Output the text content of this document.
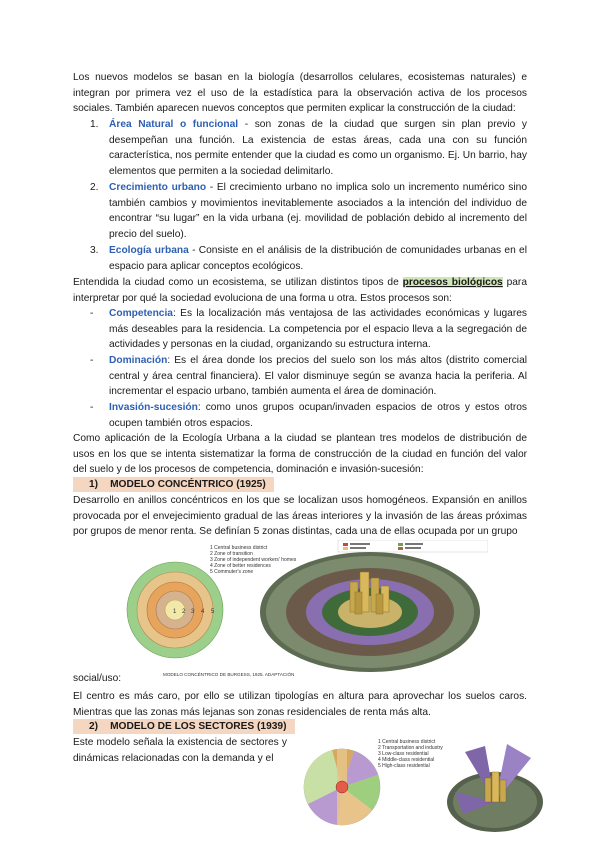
Los nuevos modelos se basan en la biología (desarrollos celulares, ecosistemas naturales) e integran por primera vez el uso de la estadística para la observación activa de los procesos sociales. También aparecen nuevos conceptos que permiten explicar la construcción de la ciudad:
1. Área Natural o funcional - son zonas de la ciudad que surgen sin plan previo y desempeñan una función. La existencia de estas áreas, cada una con su función característica, nos permite entender que la ciudad es como un organismo. Ej. Un barrio, hay elementos que permiten a la sociedad delimitarlo.
2. Crecimiento urbano - El crecimiento urbano no implica solo un incremento numérico sino también cambios y movimientos inevitablemente asociados a la intención del individuo de encontrar “su lugar” en la vida urbana (ej. movilidad de población debido al incremento del precio del suelo).
3. Ecología urbana - Consiste en el análisis de la distribución de comunidades urbanas en el espacio para aplicar conceptos ecológicos.
Entendida la ciudad como un ecosistema, se utilizan distintos tipos de procesos biológicos para interpretar por qué la sociedad evoluciona de una forma u otra. Estos procesos son:
- Competencia: Es la localización más ventajosa de las actividades económicas y lugares más deseables para la residencia. La competencia por el espacio lleva a la segregación de actividades y personas en la ciudad, organizando su estructura interna.
- Dominación: Es el área donde los precios del suelo son los más altos (distrito comercial central y área central financiera). El valor disminuye según se avanza hacia la periferia. Al incrementar el espacio urbano, también aumenta el área de dominación.
- Invasión-sucesión: como unos grupos ocupan/invaden espacios de otros y estos otros ocupen también otros espacios.
Como aplicación de la Ecología Urbana a la ciudad se plantean tres modelos de distribución de usos en los que se intenta sistematizar la forma de construcción de la ciudad en función del valor del suelo y de los procesos de competencia, dominación e invasión-sucesión:
1) MODELO CONCÉNTRICO (1925)
Desarrollo en anillos concéntricos en los que se localizan usos homogéneos. Expansión en anillos provocada por el envejecimiento gradual de las áreas interiores y la invasión de las áreas próximas por grupos de menor renta. Se definían 5 zonas distintas, cada una de ellas ocupada por un grupo
1 2 3 4 5
1 Central business district
2 Zone of transition
3 Zone of independent workers' homes
4 Zone of better residences
5 Commuter's zone
MODELO CONCÉNTRICO DE BURGESS, 1925. ADAPTACIÓN
social/uso:
El centro es más caro, por ello se utilizan tipologías en altura para aprovechar los suelos caros. Mientras que las zonas más lejanas son zonas residenciales de renta más alta.
2) MODELO DE LOS SECTORES (1939)
Este modelo señala la existencia de sectores y dinámicas relacionadas con la demanda y el
1 Central business district
2 Transportation and industry
3 Low-class residential
4 Middle-class residential
5 High-class residential
